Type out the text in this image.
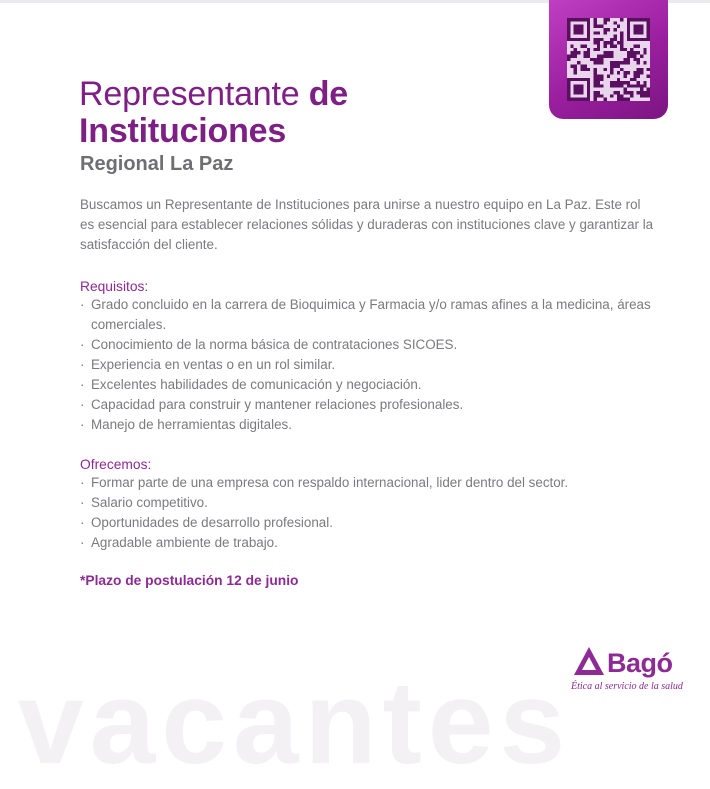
Representante de
Instituciones
Regional La Paz

Buscamos un Representante de Instituciones para unirse a nuestro equipo en La Paz. Este rol es esencial para establecer relaciones sólidas y duraderas con instituciones clave y garantizar la satisfacción del cliente.

Requisitos:
· Grado concluido en la carrera de Bioquimica y Farmacia y/o ramas afines a la medicina, áreas comerciales.
· Conocimiento de la norma básica de contrataciones SICOES.
· Experiencia en ventas o en un rol similar.
· Excelentes habilidades de comunicación y negociación.
· Capacidad para construir y mantener relaciones profesionales.
· Manejo de herramientas digitales.
Ofrecemos:
· Formar parte de una empresa con respaldo internacional, lider dentro del sector.
· Salario competitivo.
· Oportunidades de desarrollo profesional.
· Agradable ambiente de trabajo.

*Plazo de postulación 12 de junio

vacantes Bagó
Ética al servicio de la salud
